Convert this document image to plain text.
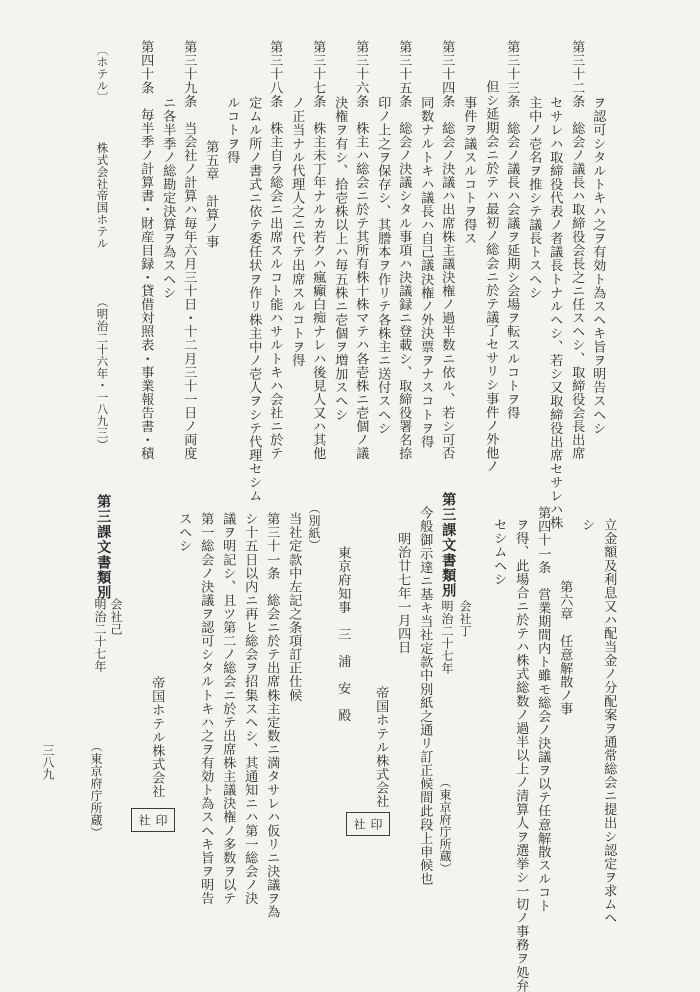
ヲ認可シタルトキハ之ヲ有効ト為スヘキ旨ヲ明告スヘシ
第三十二条　総会ノ議長ハ取締役会長之ニ任スヘシ、取締役会長出席
セサレハ取締役代表ノ者議長トナルヘシ、若シ又取締役出席セサレハ株
主中ノ壱名ヲ推シテ議長トスヘシ
第三十三条　総会ノ議長ハ会議ヲ延期シ会場ヲ転スルコトヲ得
但シ延期会ニ於テハ最初ノ総会ニ於テ議了セサリシ事件ノ外他ノ
事件ヲ議スルコトヲ得ス
第三十四条　総会ノ決議ハ出席株主議決権ノ過半数ニ依ル、若シ可否
同数ナルトキハ議長ハ自己議決権ノ外決票ヲナスコトヲ得
第三十五条　総会ノ決議シタル事項ハ決議録ニ登載シ、取締役署名捺
印ノ上之ヲ保存シ、其謄本ヲ作リテ各株主ニ送付スヘシ
第三十六条　株主ハ総会ニ於テ其所有株十株マテハ各壱株ニ壱個ノ議
決権ヲ有シ、拾壱株以上ハ毎五株ニ壱個ヲ増加スヘシ
第三十七条　株主未丁年ナルカ若クハ瘋癲白痴ナレハ後見人又ハ其他
ノ正当ナル代理人之ニ代テ出席スルコトヲ得
第三十八条　株主自ラ総会ニ出席スルコト能ハサルトキハ会社ニ於テ
定ムル所ノ書式ニ依テ委任状ヲ作リ株主中ノ壱人ヲシテ代理セシム
ルコトヲ得
第五章　計算ノ事
第三十九条　当会社ノ計算ハ毎年六月三十日・十二月三十一日ノ両度
ニ各半季ノ総勘定決算ヲ為スヘシ
第四十条　毎半季ノ計算書・財産目録・貸借対照表・事業報告書・積
〔ホテル〕
株式会社帝国ホテル
（明治二十六年・一八九三）
立金額及利息又ハ配当金ノ分配案ヲ通常総会ニ提出シ認定ヲ求ムヘ
シ
第六章　任意解散ノ事
第四十一条　営業期間内ト雖モ総会ノ決議ヲ以テ任意解散スルコト
ヲ得、此場合ニ於テハ株式総数ノ過半以上ノ清算人ヲ選挙シ一切ノ事務ヲ処弁
セシムヘシ
第三課文書類別
会社丁
明治二十七年
（東京府庁所蔵）
今般御示達ニ基キ当社定款中別紙之通リ訂正候間此段上申候也
明治廿七年一月四日
帝国ホテル株式会社
印
社
東京府知事　三　浦　安　殿
（別紙）
当社定款中左記之条項訂正仕候
第三十一条　総会ニ於テ出席株主定数ニ満タサレハ仮リニ決議ヲ為
シ十五日以内ニ再ヒ総会ヲ招集スヘシ、其通知ニハ第一総会ノ決
議ヲ明記シ、且ツ第二ノ総会ニ於テ出席株主議決権ノ多数ヲ以テ
第一総会ノ決議ヲ認可シタルトキハ之ヲ有効ト為スヘキ旨ヲ明告
スヘシ
第三課文書類別
会社己
明治二十七年
（東京府庁所蔵）	帝国ホテル株式会社
印
社
三八九
